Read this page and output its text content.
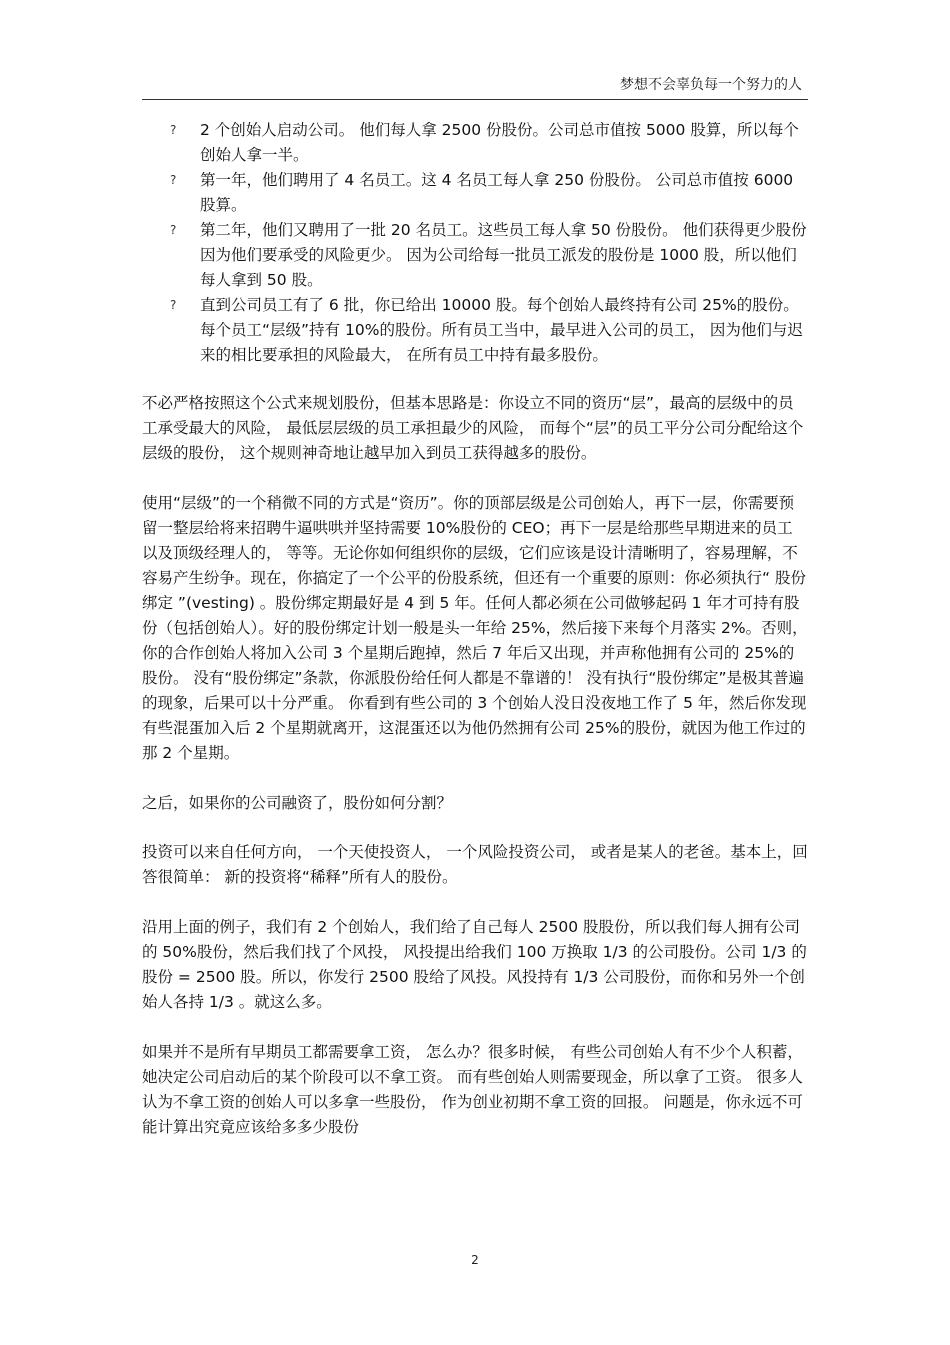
梦想不会辜负每一个努力的人
? 2 个创始人启动公司。 他们每人拿 2500 份股份。公司总市值按 5000 股算，所以每个创始人拿一半。
? 第一年，他们聘用了 4 名员工。这 4 名员工每人拿 250 份股份。 公司总市值按 6000 股算。
? 第二年，他们又聘用了一批 20 名员工。这些员工每人拿 50 份股份。 他们获得更少股份因为他们要承受的风险更少。 因为公司给每一批员工派发的股份是 1000 股，所以他们每人拿到 50 股。
? 直到公司员工有了 6 批，你已给出 10000 股。每个创始人最终持有公司 25%的股份。每个员工“层级”持有 10%的股份。所有员工当中，最早进入公司的员工， 因为他们与迟来的相比要承担的风险最大， 在所有员工中持有最多股份。

不必严格按照这个公式来规划股份，但基本思路是：你设立不同的资历“层”，最高的层级中的员工承受最大的风险， 最低层层级的员工承担最少的风险， 而每个“层”的员工平分公司分配给这个层级的股份， 这个规则神奇地让越早加入到员工获得越多的股份。

使用“层级”的一个稍微不同的方式是“资历”。你的顶部层级是公司创始人，再下一层，你需要预留一整层给将来招聘牛逼哄哄并坚持需要 10%股份的 CEO；再下一层是给那些早期进来的员工以及顶级经理人的， 等等。无论你如何组织你的层级，它们应该是设计清晰明了，容易理解，不容易产生纷争。现在，你搞定了一个公平的份股系统，但还有一个重要的原则：你必须执行“ 股份绑定 ”(vesting) 。股份绑定期最好是 4 到 5 年。任何人都必须在公司做够起码 1 年才可持有股份（包括创始人）。好的股份绑定计划一般是头一年给 25%，然后接下来每个月落实 2%。否则，你的合作创始人将加入公司 3 个星期后跑掉，然后 7 年后又出现，并声称他拥有公司的 25%的股份。 没有“股份绑定”条款，你派股份给任何人都是不靠谱的！ 没有执行“股份绑定”是极其普遍的现象，后果可以十分严重。 你看到有些公司的 3 个创始人没日没夜地工作了 5 年，然后你发现有些混蛋加入后 2 个星期就离开，这混蛋还以为他仍然拥有公司 25%的股份，就因为他工作过的那 2 个星期。

之后，如果你的公司融资了，股份如何分割？

投资可以来自任何方向， 一个天使投资人， 一个风险投资公司， 或者是某人的老爸。基本上，回答很简单： 新的投资将“稀释”所有人的股份。

沿用上面的例子，我们有 2 个创始人，我们给了自己每人 2500 股股份，所以我们每人拥有公司的 50%股份，然后我们找了个风投， 风投提出给我们 100 万换取 1/3 的公司股份。公司 1/3 的股份 = 2500 股。所以，你发行 2500 股给了风投。风投持有 1/3 公司股份，而你和另外一个创始人各持 1/3 。就这么多。

如果并不是所有早期员工都需要拿工资， 怎么办？很多时候， 有些公司创始人有不少个人积蓄， 她决定公司启动后的某个阶段可以不拿工资。 而有些创始人则需要现金，所以拿了工资。 很多人认为不拿工资的创始人可以多拿一些股份， 作为创业初期不拿工资的回报。 问题是，你永远不可能计算出究竟应该给多多少股份

2
